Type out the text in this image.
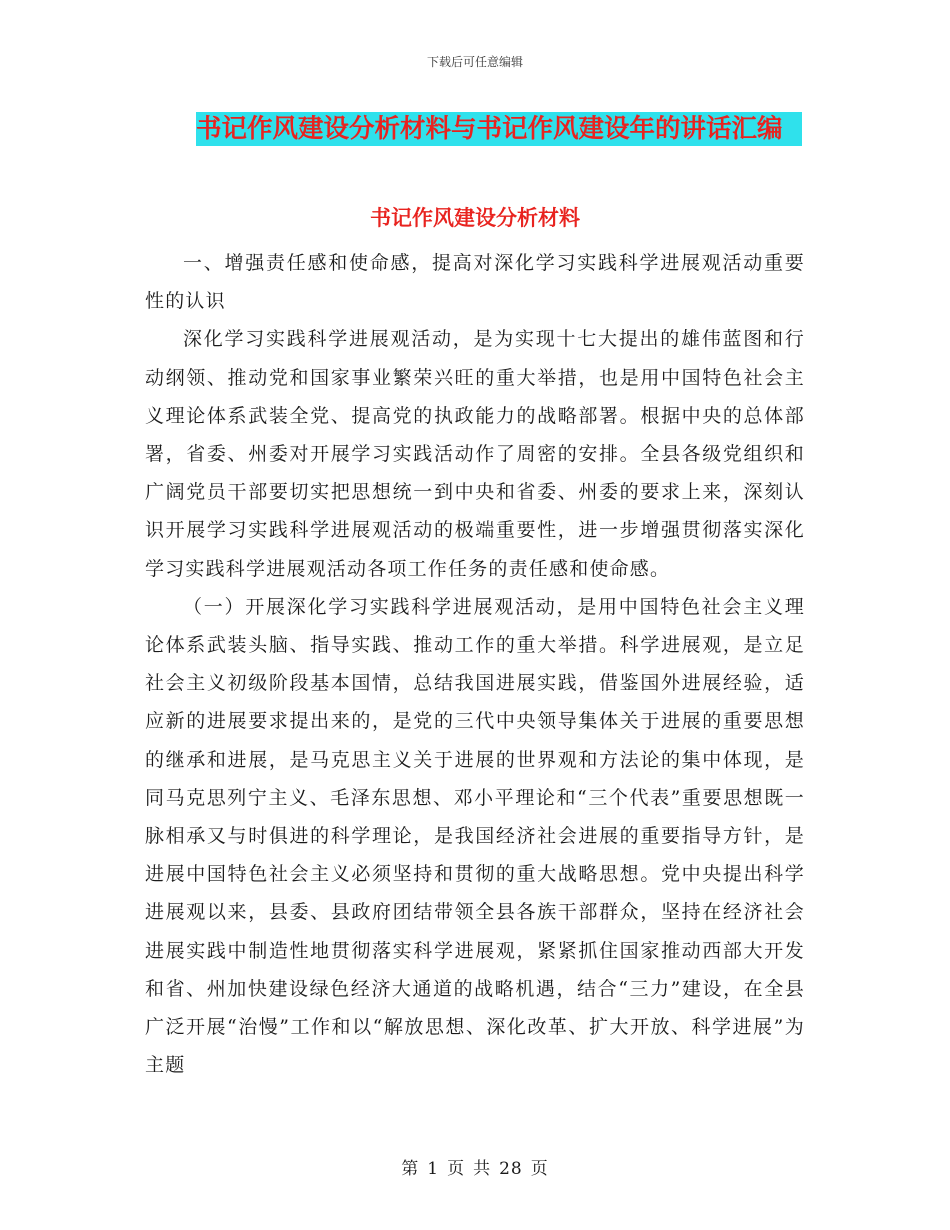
下载后可任意编辑
书记作风建设分析材料与书记作风建设年的讲话汇编
书记作风建设分析材料

一、增强责任感和使命感，提高对深化学习实践科学进展观活动重要性的认识

深化学习实践科学进展观活动，是为实现十七大提出的雄伟蓝图和行动纲领、推动党和国家事业繁荣兴旺的重大举措，也是用中国特色社会主义理论体系武装全党、提高党的执政能力的战略部署。根据中央的总体部署，省委、州委对开展学习实践活动作了周密的安排。全县各级党组织和广阔党员干部要切实把思想统一到中央和省委、州委的要求上来，深刻认识开展学习实践科学进展观活动的极端重要性，进一步增强贯彻落实深化学习实践科学进展观活动各项工作任务的责任感和使命感。

（一）开展深化学习实践科学进展观活动，是用中国特色社会主义理论体系武装头脑、指导实践、推动工作的重大举措。科学进展观，是立足社会主义初级阶段基本国情，总结我国进展实践，借鉴国外进展经验，适应新的进展要求提出来的，是党的三代中央领导集体关于进展的重要思想的继承和进展，是马克思主义关于进展的世界观和方法论的集中体现，是同马克思列宁主义、毛泽东思想、邓小平理论和“三个代表”重要思想既一脉相承又与时俱进的科学理论，是我国经济社会进展的重要指导方针，是进展中国特色社会主义必须坚持和贯彻的重大战略思想。党中央提出科学进展观以来，县委、县政府团结带领全县各族干部群众，坚持在经济社会进展实践中制造性地贯彻落实科学进展观，紧紧抓住国家推动西部大开发和省、州加快建设绿色经济大通道的战略机遇，结合“三力”建设，在全县广泛开展“治慢”工作和以“解放思想、深化改革、扩大开放、科学进展”为主题

第 1 页 共 28 页
